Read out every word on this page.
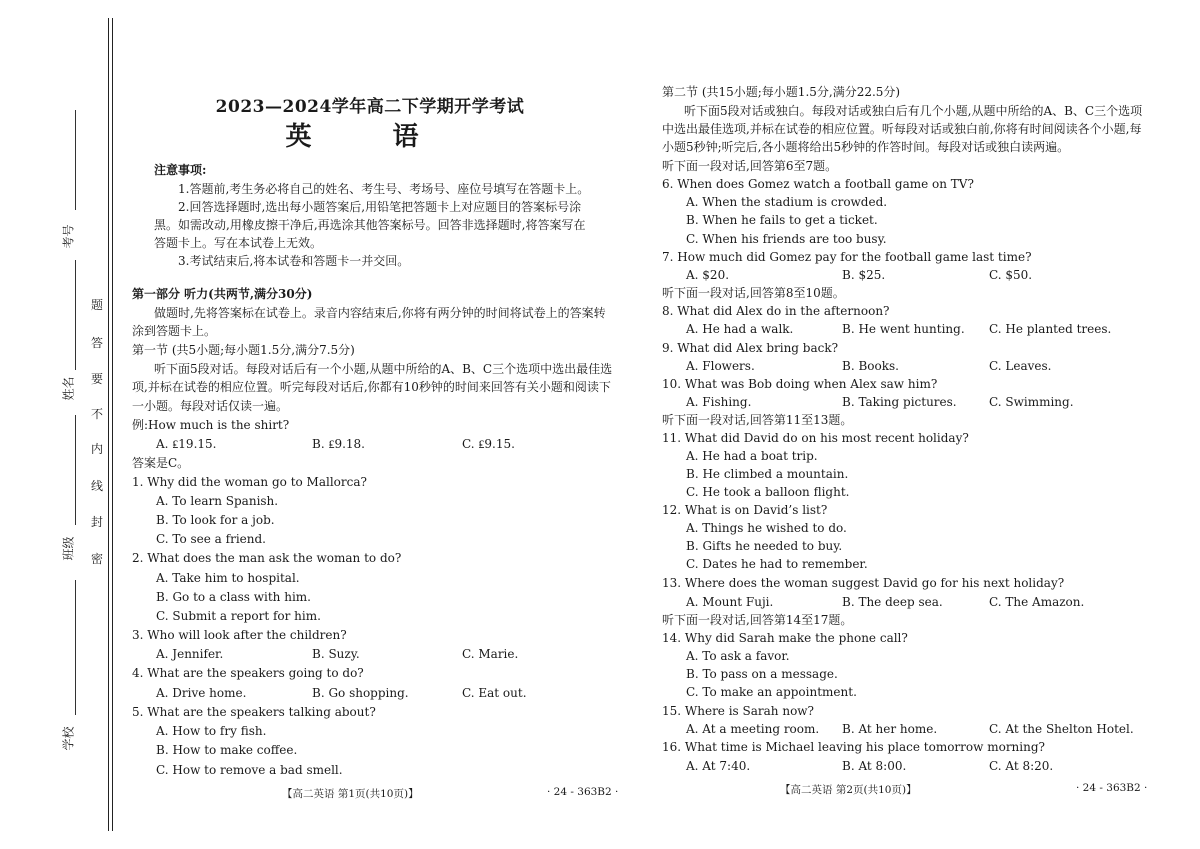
考号
姓名
班级
学校
题
答
要
不
内
线
封
密
2023—2024学年高二下学期开学考试
英 语
注意事项:
1.答题前,考生务必将自己的姓名、考生号、考场号、座位号填写在答题卡上。
2.回答选择题时,选出每小题答案后,用铅笔把答题卡上对应题目的答案标号涂
黑。如需改动,用橡皮擦干净后,再选涂其他答案标号。回答非选择题时,将答案写在
答题卡上。写在本试卷上无效。
3.考试结束后,将本试卷和答题卡一并交回。
第一部分 听力(共两节,满分30分)
做题时,先将答案标在试卷上。录音内容结束后,你将有两分钟的时间将试卷上的答案转
涂到答题卡上。
第一节 (共5小题;每小题1.5分,满分7.5分)
听下面5段对话。每段对话后有一个小题,从题中所给的A、B、C三个选项中选出最佳选
项,并标在试卷的相应位置。听完每段对话后,你都有10秒钟的时间来回答有关小题和阅读下
一小题。每段对话仅读一遍。
例:How much is the shirt?
A. ₤19.15.	B. ₤9.18.	C. ₤9.15.
答案是C。
1. Why did the woman go to Mallorca?
A. To learn Spanish.
B. To look for a job.
C. To see a friend.
2. What does the man ask the woman to do?
A. Take him to hospital.
B. Go to a class with him.
C. Submit a report for him.
3. Who will look after the children?
A. Jennifer.	B. Suzy.	C. Marie.
4. What are the speakers going to do?
A. Drive home.	B. Go shopping.	C. Eat out.
5. What are the speakers talking about?
A. How to fry fish.
B. How to make coffee.
C. How to remove a bad smell.
【高二英语 第1页(共10页)】	· 24 - 363B2 ·
第二节 (共15小题;每小题1.5分,满分22.5分)
听下面5段对话或独白。每段对话或独白后有几个小题,从题中所给的A、B、C三个选项
中选出最佳选项,并标在试卷的相应位置。听每段对话或独白前,你将有时间阅读各个小题,每
小题5秒钟;听完后,各小题将给出5秒钟的作答时间。每段对话或独白读两遍。
听下面一段对话,回答第6至7题。
6. When does Gomez watch a football game on TV?
A. When the stadium is crowded.
B. When he fails to get a ticket.
C. When his friends are too busy.
7. How much did Gomez pay for the football game last time?
A. $20.	B. $25.	C. $50.
听下面一段对话,回答第8至10题。
8. What did Alex do in the afternoon?
A. He had a walk.	B. He went hunting. C. He planted trees.
9. What did Alex bring back?
A. Flowers.	B. Books.	C. Leaves.
10. What was Bob doing when Alex saw him?
A. Fishing.	B. Taking pictures.	C. Swimming.
听下面一段对话,回答第11至13题。
11. What did David do on his most recent holiday?
A. He had a boat trip.
B. He climbed a mountain.
C. He took a balloon flight.
12. What is on David’s list?
A. Things he wished to do.
B. Gifts he needed to buy.
C. Dates he had to remember.
13. Where does the woman suggest David go for his next holiday?
A. Mount Fuji.	B. The deep sea.	C. The Amazon.
听下面一段对话,回答第14至17题。
14. Why did Sarah make the phone call?
A. To ask a favor.
B. To pass on a message.
C. To make an appointment.
15. Where is Sarah now?
A. At a meeting room. B. At her home.	C. At the Shelton Hotel.
16. What time is Michael leaving his place tomorrow morning?
A. At 7:40.	B. At 8:00.	C. At 8:20.
【高二英语 第2页(共10页)】	· 24 - 363B2 ·
